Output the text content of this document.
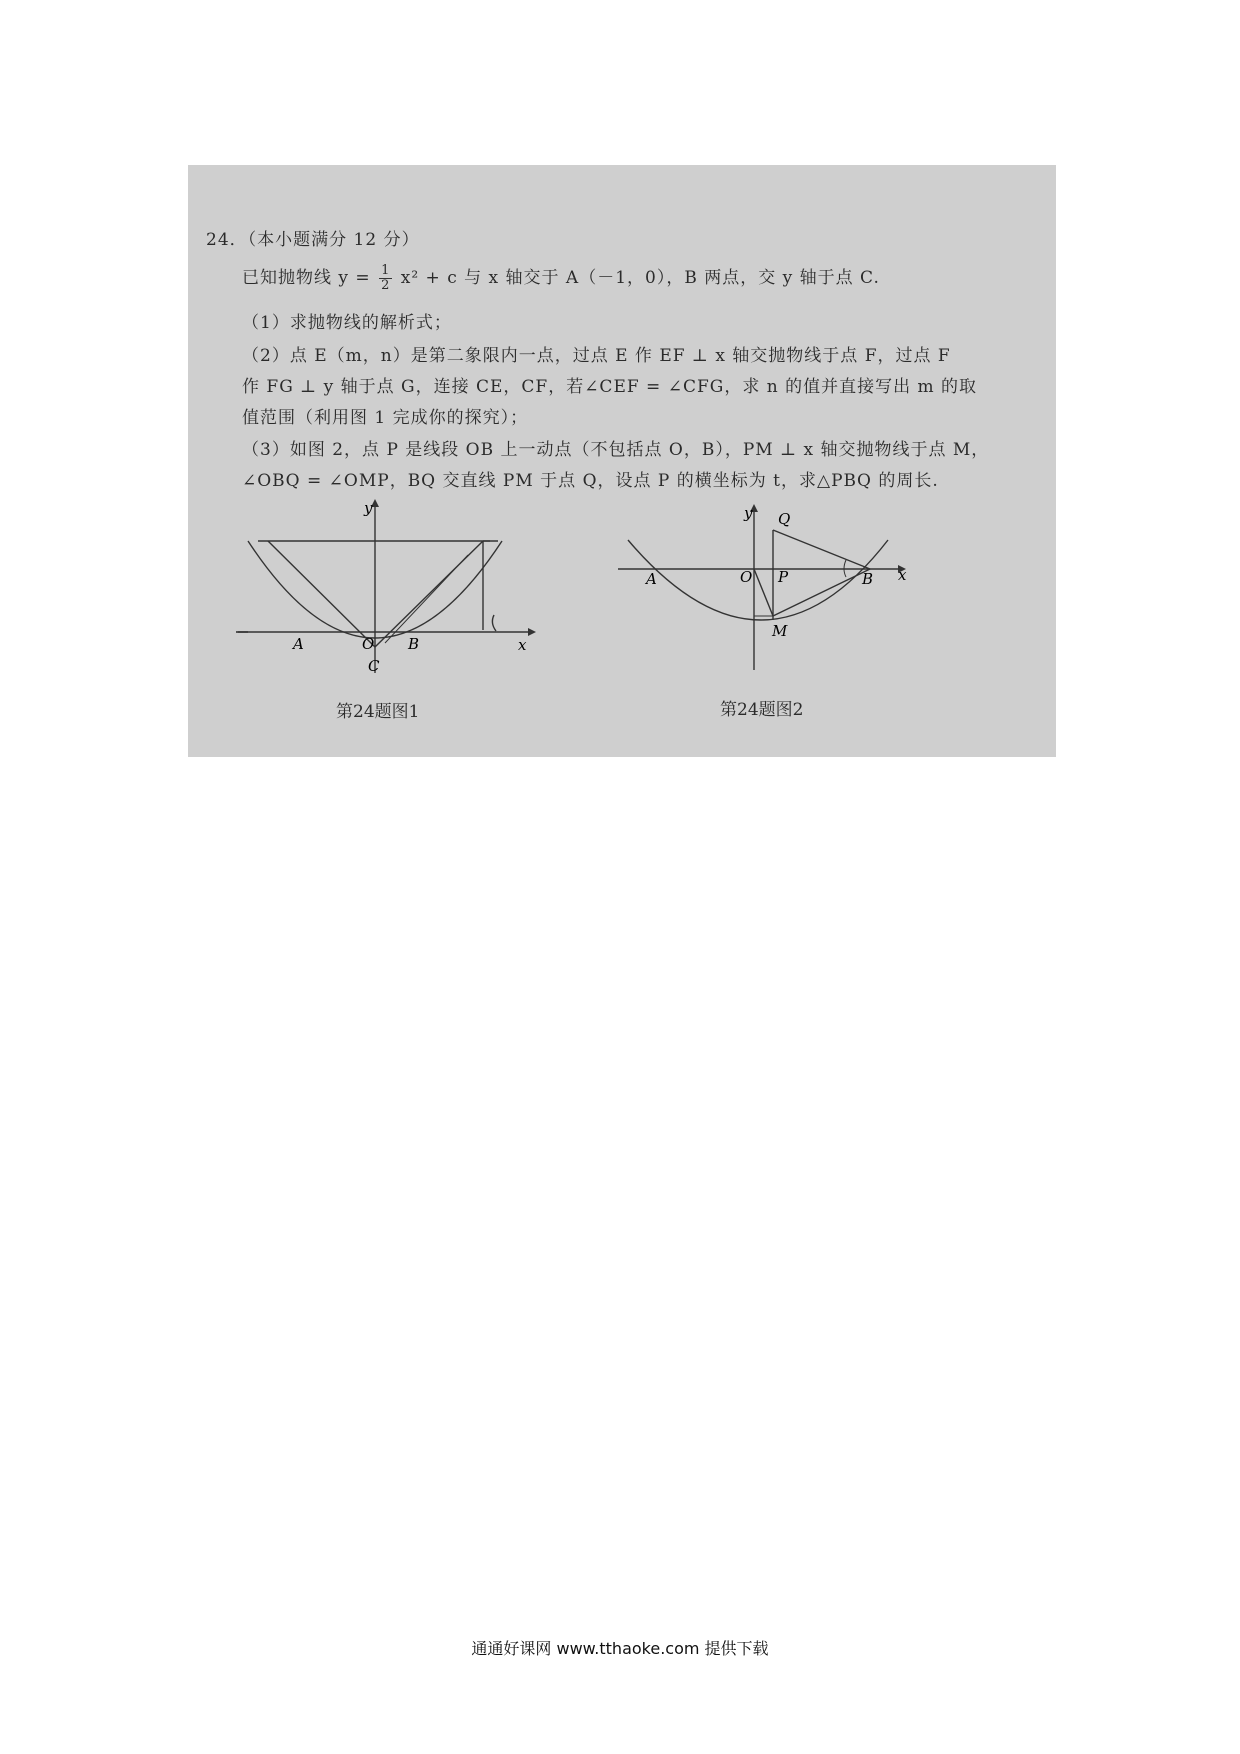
24．（本小题满分 12 分）
已知抛物线 $y = \frac{1}{2} x^2 + c$ 与 x 轴交于 A（－1，0），B 两点，交 y 轴于点 C.
（1）求抛物线的解析式；
（2）点 E（m，n）是第二象限内一点，过点 E 作 EF ⊥ x 轴交抛物线于点 F，过点 F
作 FG ⊥ y 轴于点 G，连接 CE，CF，若∠CEF = ∠CFG，求 n 的值并直接写出 m 的取
值范围（利用图 1 完成你的探究）；
（3）如图 2，点 P 是线段 OB 上一动点（不包括点 O，B），PM ⊥ x 轴交抛物线于点 M，
∠OBQ = ∠OMP，BQ 交直线 PM 于点 Q，设点 P 的横坐标为 t，求△PBQ 的周长.
y
x
A	O B
C
第24题图1
y
x
A	O P	B
Q
M
第24题图2
通通好课网 www.tthaoke.com 提供下载
